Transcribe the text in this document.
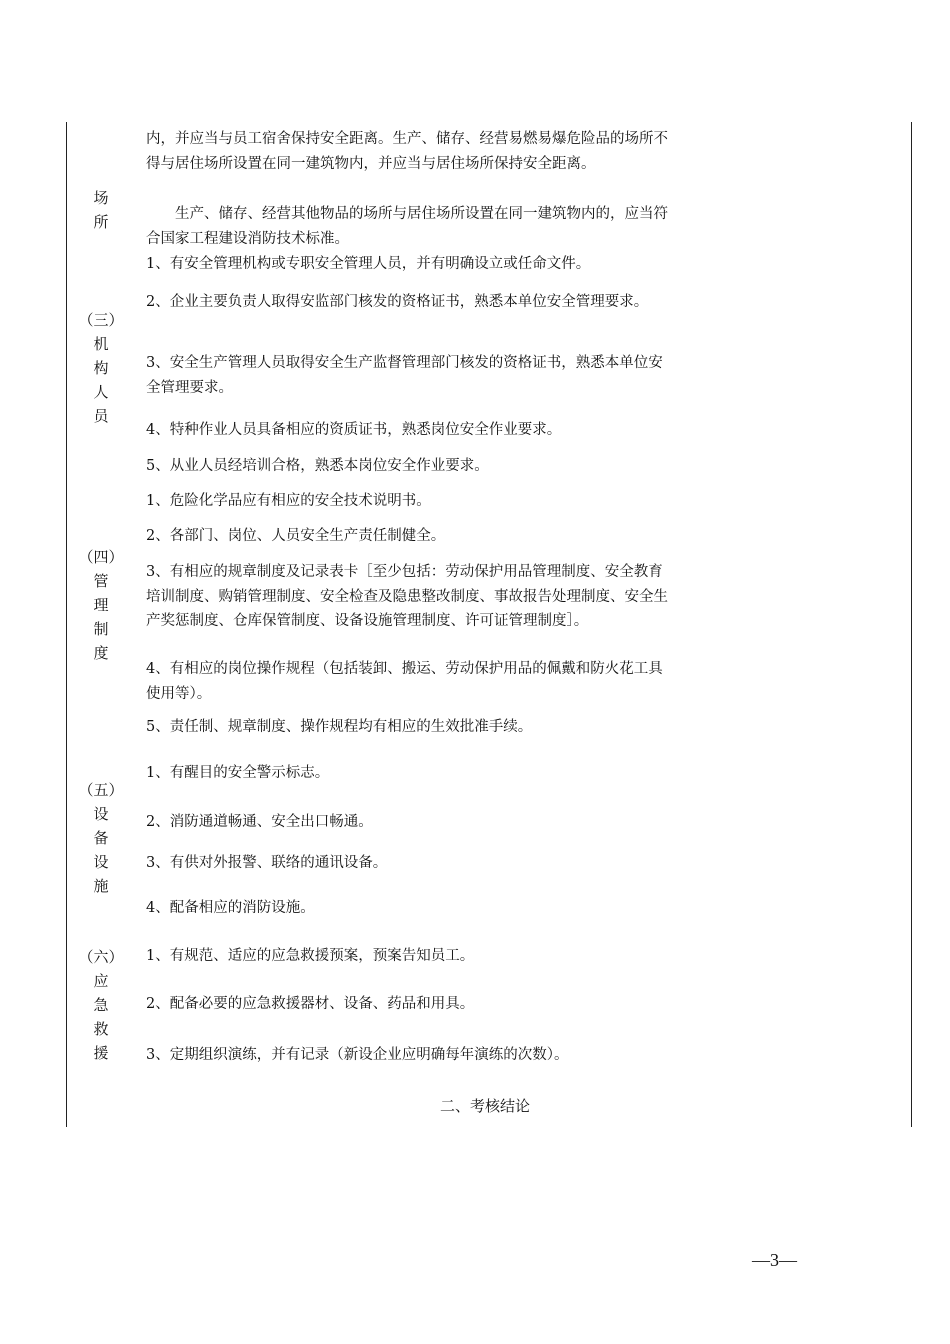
场
所
（三）
机
构
人
员
（四）
管
理
制
度
（五）
设
备
设
施
（六）
应
急
救
援
内，并应当与员工宿舍保持安全距离。生产、储存、经营易燃易爆危险品的场所不得与居住场所设置在同一建筑物内，并应当与居住场所保持安全距离。
生产、储存、经营其他物品的场所与居住场所设置在同一建筑物内的，应当符合国家工程建设消防技术标准。
1、有安全管理机构或专职安全管理人员，并有明确设立或任命文件。
2、企业主要负责人取得安监部门核发的资格证书，熟悉本单位安全管理要求。
3、安全生产管理人员取得安全生产监督管理部门核发的资格证书，熟悉本单位安全管理要求。
4、特种作业人员具备相应的资质证书，熟悉岗位安全作业要求。
5、从业人员经培训合格，熟悉本岗位安全作业要求。
1、危险化学品应有相应的安全技术说明书。
2、各部门、岗位、人员安全生产责任制健全。
3、有相应的规章制度及记录表卡［至少包括：劳动保护用品管理制度、安全教育培训制度、购销管理制度、安全检查及隐患整改制度、事故报告处理制度、安全生产奖惩制度、仓库保管制度、设备设施管理制度、许可证管理制度］。
4、有相应的岗位操作规程（包括装卸、搬运、劳动保护用品的佩戴和防火花工具使用等）。
5、责任制、规章制度、操作规程均有相应的生效批准手续。
1、有醒目的安全警示标志。
2、消防通道畅通、安全出口畅通。
3、有供对外报警、联络的通讯设备。
4、配备相应的消防设施。
1、有规范、适应的应急救援预案，预案告知员工。
2、配备必要的应急救援器材、设备、药品和用具。
3、定期组织演练，并有记录（新设企业应明确每年演练的次数）。
二、考核结论
—3—
